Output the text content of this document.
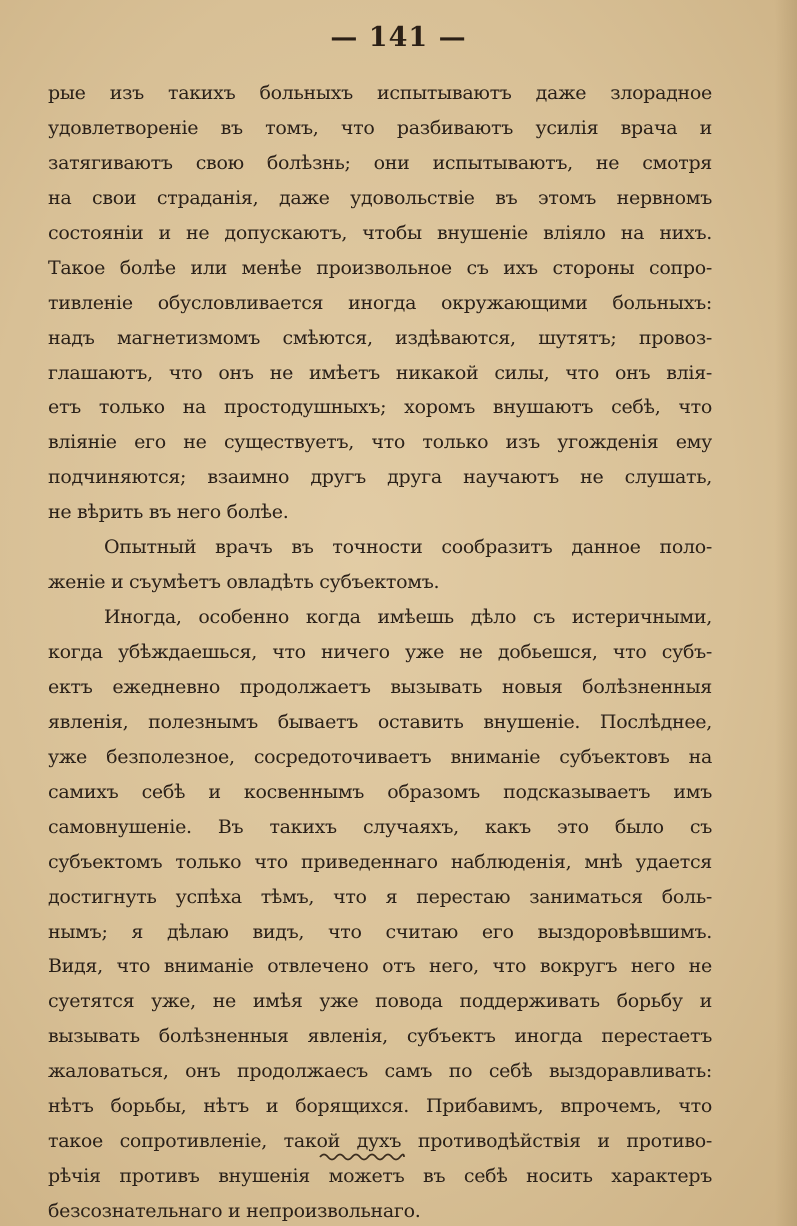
— 141 —
рые изъ такихъ больныхъ испытываютъ даже злорадное
удовлетвореніе въ томъ, что разбиваютъ усилія врача и
затягиваютъ свою болѣзнь; они испытываютъ, не смотря
на свои страданія, даже удовольствіе въ этомъ нервномъ
состояніи и не допускаютъ, чтобы внушеніе вліяло на нихъ.
Такое болѣе или менѣе произвольное съ ихъ стороны сопро-
тивленіе обусловливается иногда окружающими больныхъ:
надъ магнетизмомъ смѣются, издѣваются, шутятъ; провоз-
глашаютъ, что онъ не имѣетъ никакой силы, что онъ влія-
етъ только на простодушныхъ; хоромъ внушаютъ себѣ, что
вліяніе его не существуетъ, что только изъ угожденія ему
подчиняются; взаимно другъ друга научаютъ не слушать,
не вѣрить въ него болѣе.
Опытный врачъ въ точности сообразитъ данное поло-
женіе и съумѣетъ овладѣть субъектомъ.
Иногда, особенно когда имѣешь дѣло съ истеричными,
когда убѣждаешься, что ничего уже не добьешся, что субъ-
ектъ ежедневно продолжаетъ вызывать новыя болѣзненныя
явленія, полезнымъ бываетъ оставить внушеніе. Послѣднее,
уже безполезное, сосредоточиваетъ вниманіе субъектовъ на
самихъ себѣ и косвеннымъ образомъ подсказываетъ имъ
самовнушеніе. Въ такихъ случаяхъ, какъ это было съ
субъектомъ только что приведеннаго наблюденія, мнѣ удается
достигнуть успѣха тѣмъ, что я перестаю заниматься боль-
нымъ; я дѣлаю видъ, что считаю его выздоровѣвшимъ.
Видя, что вниманіе отвлечено отъ него, что вокругъ него не
суетятся уже, не имѣя уже повода поддерживать борьбу и
вызывать болѣзненныя явленія, субъектъ иногда перестаетъ
жаловаться, онъ продолжаесъ самъ по себѣ выздоравливать:
нѣтъ борьбы, нѣтъ и борящихся. Прибавимъ, впрочемъ, что
такое сопротивленіе, такой духъ противодѣйствія и противо-
рѣчія противъ внушенія можетъ въ себѣ носить характеръ
безсознательнаго и непроизвольнаго.
